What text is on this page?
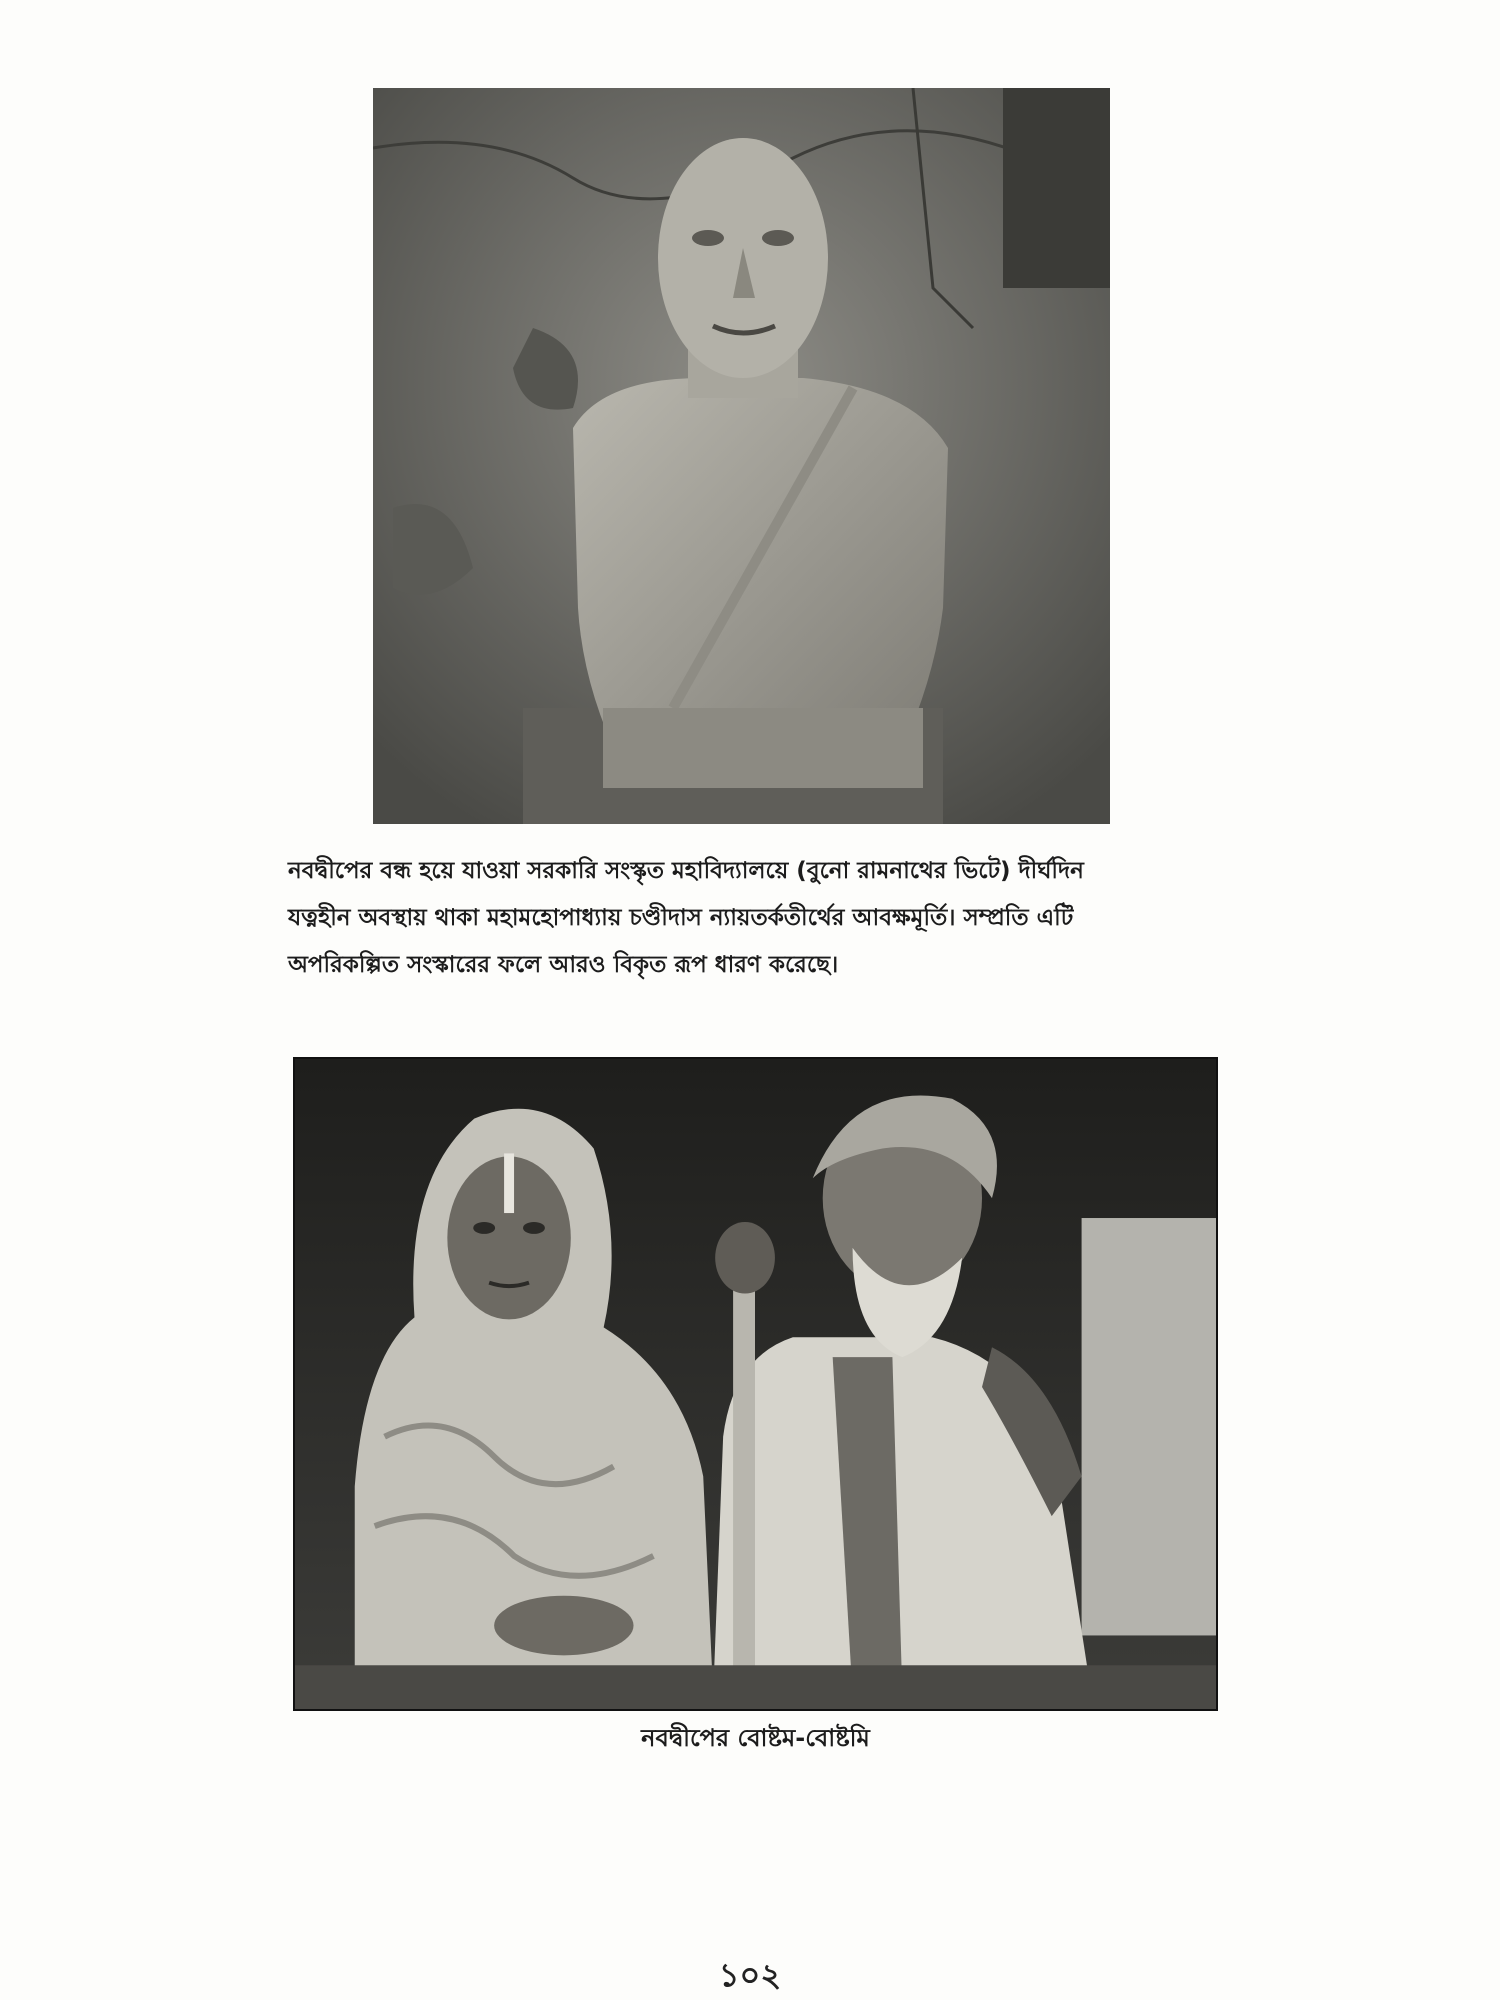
নবদ্বীপের বন্ধ হয়ে যাওয়া সরকারি সংস্কৃত মহাবিদ্যালয়ে (বুনো রামনাথের ভিটে) দীর্ঘদিন

যত্নহীন অবস্থায় থাকা মহামহোপাধ্যায় চণ্ডীদাস ন্যায়তর্কতীর্থের আবক্ষমূর্তি। সম্প্রতি এটি

অপরিকল্পিত সংস্কারের ফলে আরও বিকৃত রূপ ধারণ করেছে।

নবদ্বীপের বোষ্টম-বোষ্টমি
১০২
